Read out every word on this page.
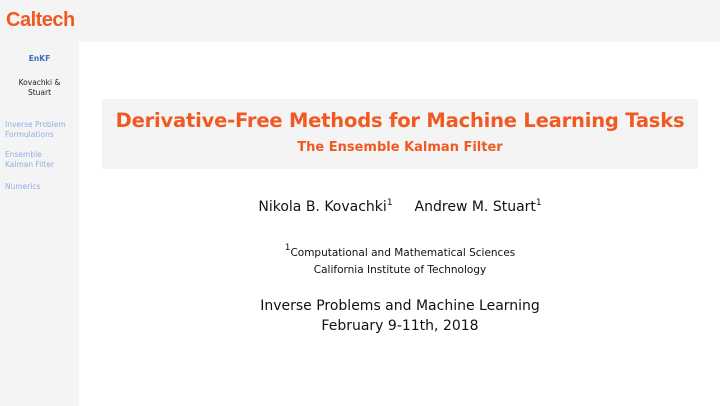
Caltech
EnKF
Kovachki &
Stuart
Inverse Problem
Formulations
Ensemble
Kalman Filter
Numerics
Derivative-Free Methods for Machine Learning Tasks
The Ensemble Kalman Filter
Nikola B. Kovachki$^1$ Andrew M. Stuart$^1$
$^1$Computational and Mathematical Sciences
California Institute of Technology
Inverse Problems and Machine Learning
February 9-11th, 2018
